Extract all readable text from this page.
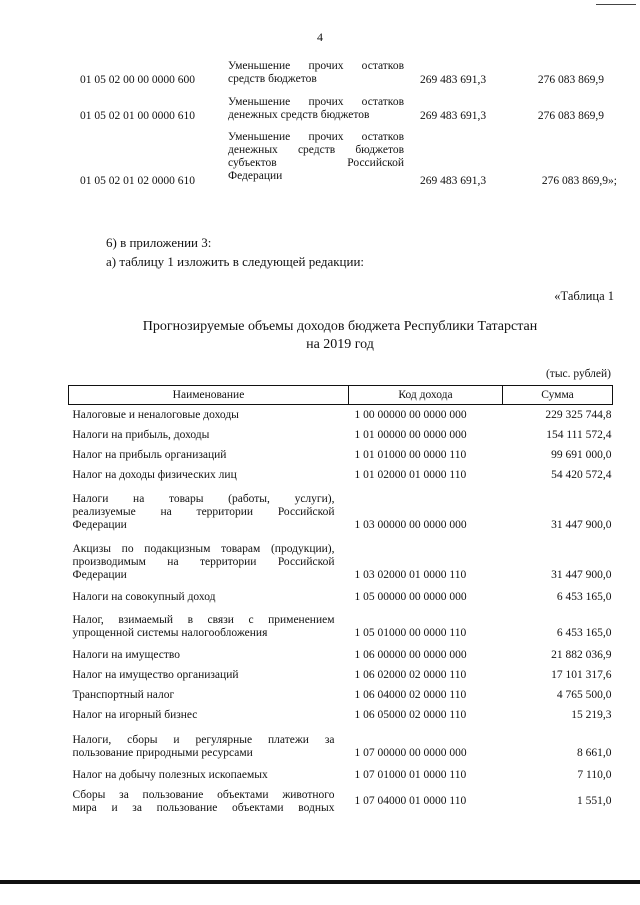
4
01 05 02 00 00 0000 600
Уменьшение прочих остатков
средств бюджетов	269 483 691,3	276 083 869,9
01 05 02 01 00 0000 610
Уменьшение прочих остатков
денежных средств бюджетов	269 483 691,3	276 083 869,9
01 05 02 01 02 0000 610
Уменьшение прочих остатков
денежных средств бюджетов
субъектов Российской
Федерации	269 483 691,3	276 083 869,9»;
6) в приложении 3:
а) таблицу 1 изложить в следующей редакции:
«Таблица 1
Прогнозируемые объемы доходов бюджета Республики Татарстан
на 2019 год
(тыс. рублей)
Наименование	Код дохода	Сумма

Налоговые и неналоговые доходы	1 00 00000 00 0000 000	229 325 744,8

Налоги на прибыль, доходы	1 01 00000 00 0000 000	154 111 572,4

Налог на прибыль организаций	1 01 01000 00 0000 110	99 691 000,0

Налог на доходы физических лиц	1 01 02000 01 0000 110	54 420 572,4

Налоги на товары (работы, услуги),
реализуемые на территории Российской
Федерации	1 03 00000 00 0000 000	31 447 900,0

Акцизы по подакцизным товарам (продукции),
производимым на территории Российской
Федерации	1 03 02000 01 0000 110	31 447 900,0

Налоги на совокупный доход	1 05 00000 00 0000 000	6 453 165,0

Налог, взимаемый в связи с применением
упрощенной системы налогообложения	1 05 01000 00 0000 110	6 453 165,0

Налоги на имущество	1 06 00000 00 0000 000	21 882 036,9

Налог на имущество организаций	1 06 02000 02 0000 110	17 101 317,6

Транспортный налог	1 06 04000 02 0000 110	4 765 500,0

Налог на игорный бизнес	1 06 05000 02 0000 110	15 219,3

Налоги, сборы и регулярные платежи за
пользование природными ресурсами	1 07 00000 00 0000 000	8 661,0

Налог на добычу полезных ископаемых	1 07 01000 01 0000 110	7 110,0

Сборы за пользование объектами животного
мира и за пользование объектами водных	1 07 04000 01 0000 110	1 551,0
